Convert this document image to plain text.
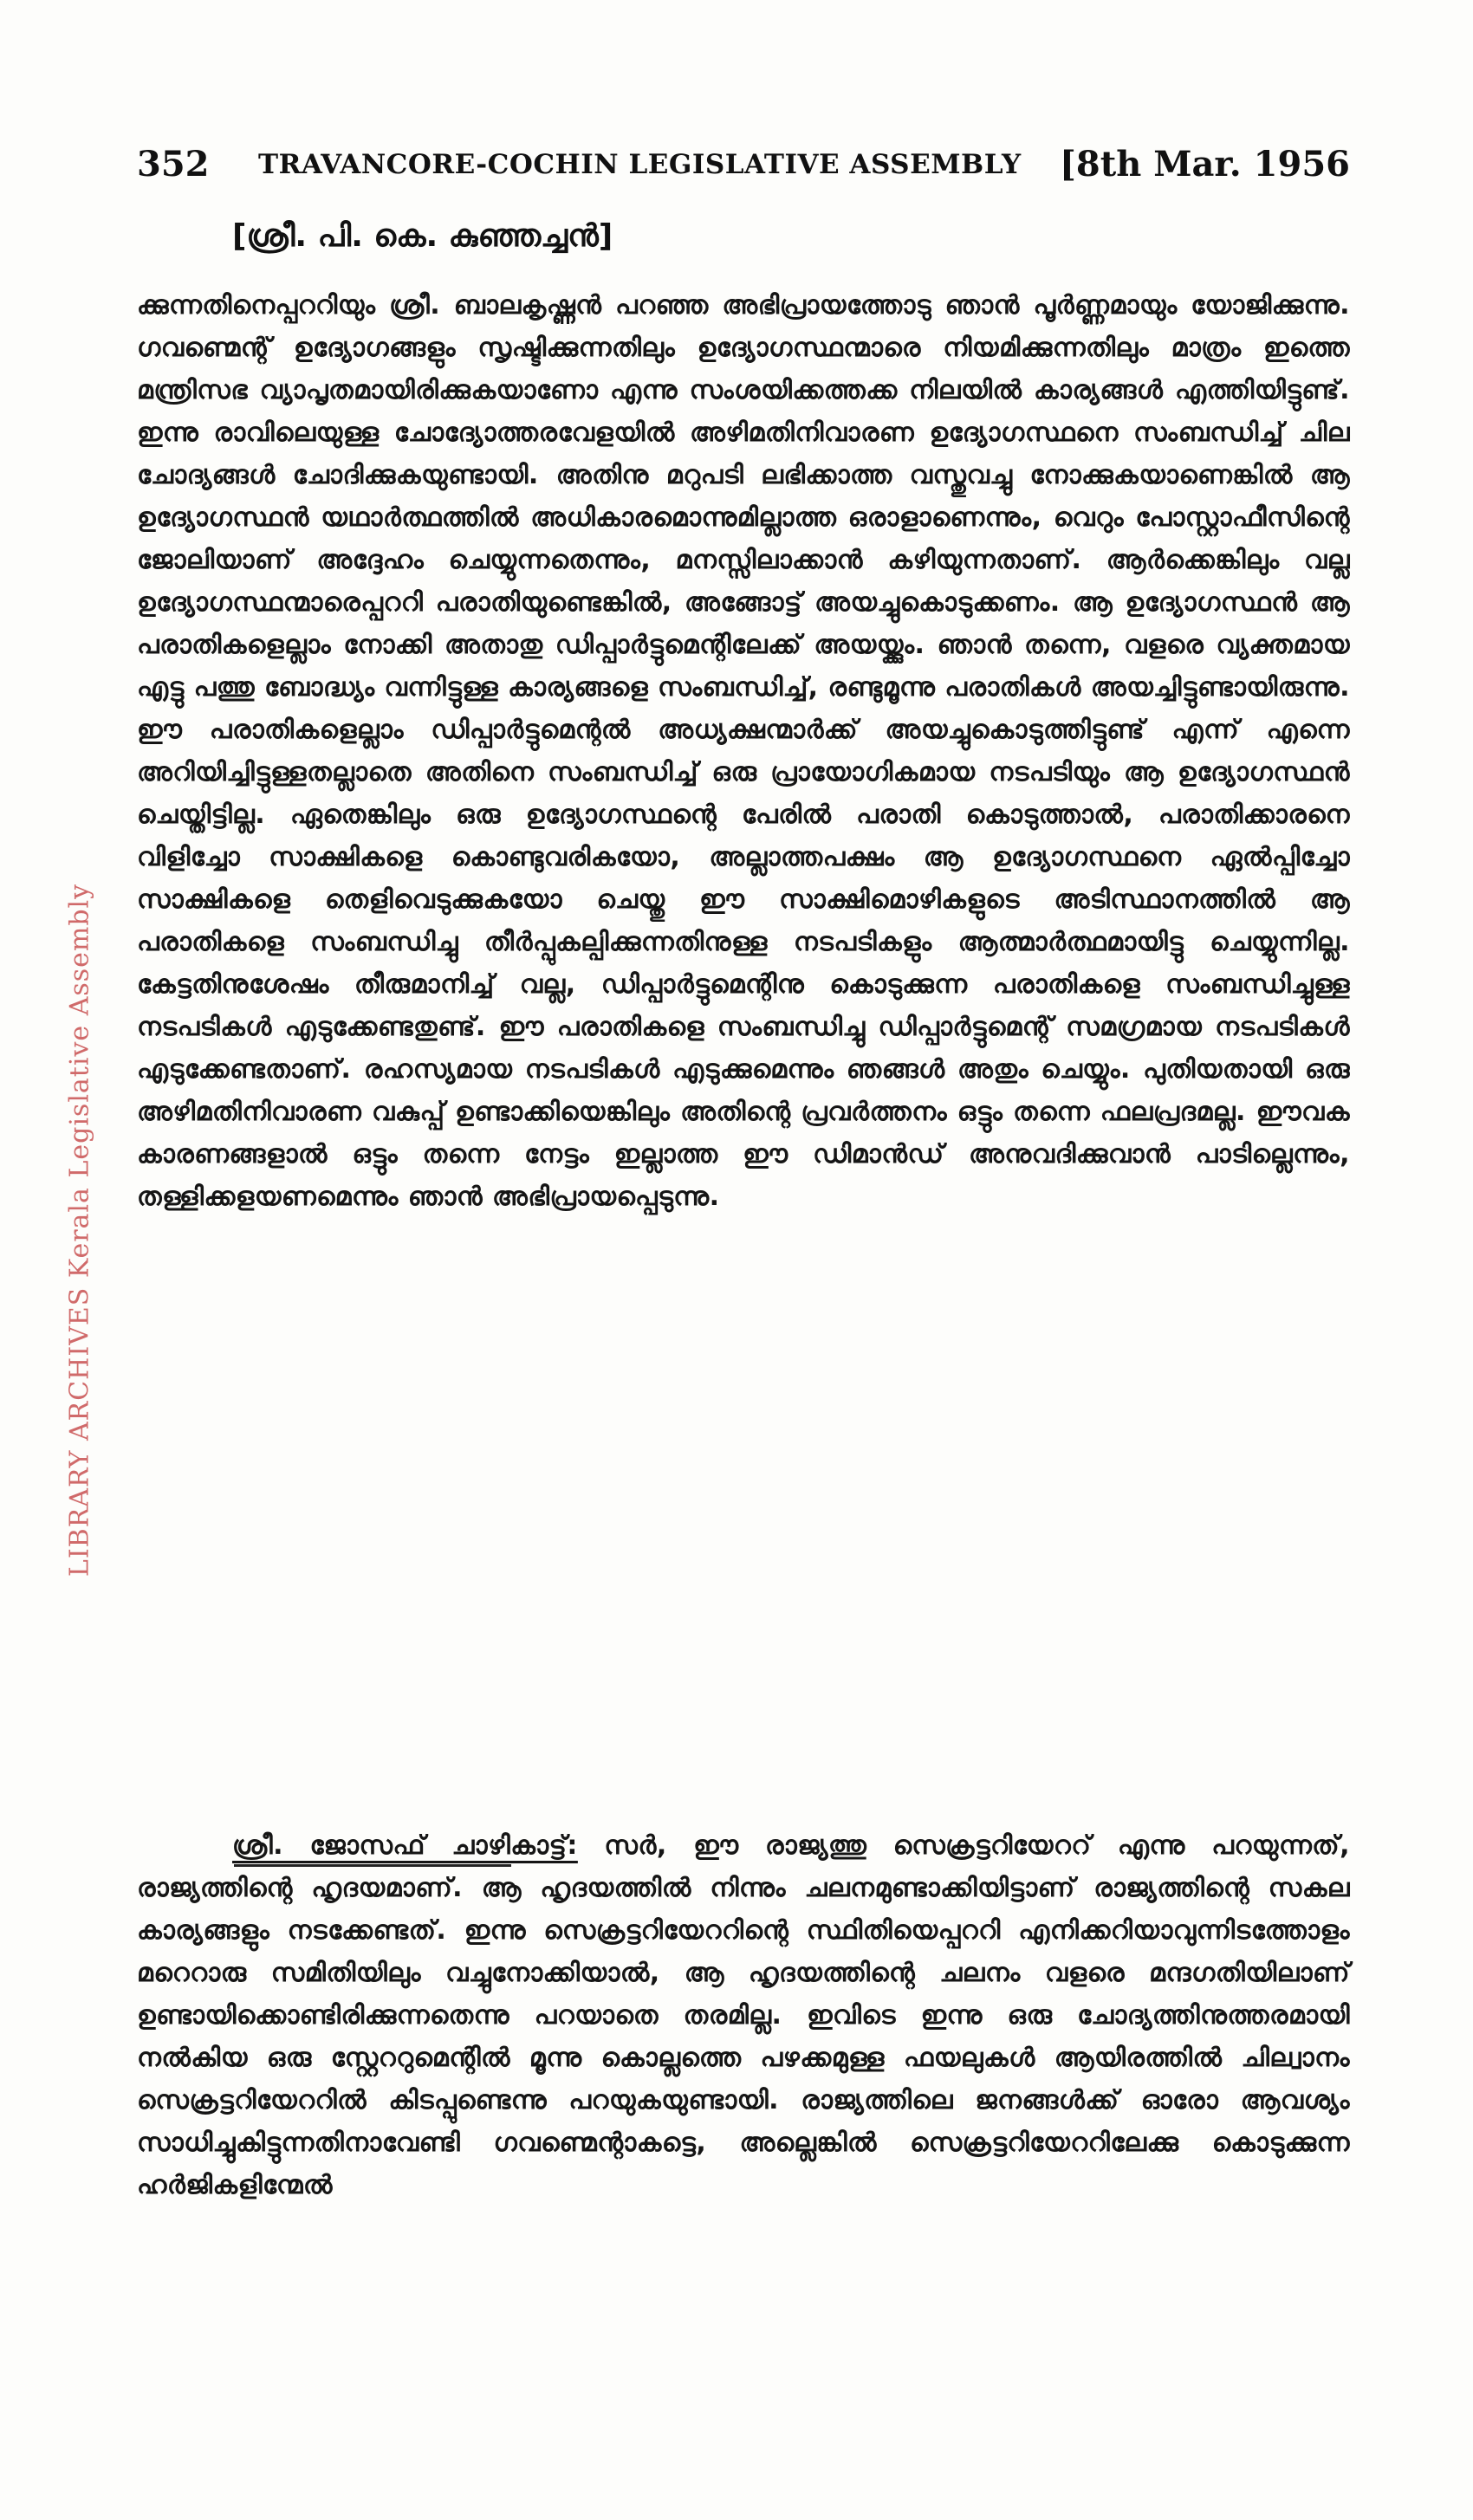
LIBRARY ARCHIVES Kerala Legislative Assembly
352 TRAVANCORE-COCHIN LEGISLATIVE ASSEMBLY [8th Mar. 1956
[ശ്രീ. പി. കെ. കുഞ്ഞച്ചൻ]
ക്കുന്നതിനെപ്പററിയും ശ്രീ. ബാലകൃഷ്ണൻ പറഞ്ഞ അഭിപ്രായത്തോടു ഞാൻ പൂർണ്ണമായും യോജിക്കുന്നു. ഗവണ്മെന്റ് ഉദ്യോഗങ്ങളും സൃഷ്ടിക്കുന്നതിലും ഉദ്യോഗസ്ഥന്മാരെ നിയമിക്കുന്നതിലും മാത്രം ഇത്തെ മന്ത്രിസഭ വ്യാപൃതമായിരിക്കുകയാണോ എന്നു സംശയിക്കത്തക്ക നിലയിൽ കാര്യങ്ങൾ എത്തിയിട്ടുണ്ട്. ഇന്നു രാവിലെയുള്ള ചോദ്യോത്തരവേളയിൽ അഴിമതിനിവാരണ ഉദ്യോഗസ്ഥനെ സംബന്ധിച്ച് ചില ചോദ്യങ്ങൾ ചോദിക്കുകയുണ്ടായി. അതിനു മറുപടി ലഭിക്കാത്ത വസ്തുവച്ചു നോക്കുകയാണെങ്കിൽ ആ ഉദ്യോഗസ്ഥൻ യഥാർത്ഥത്തിൽ അധികാരമൊന്നുമില്ലാത്ത ഒരാളാണെന്നും, വെറും പോസ്റ്റാഫീസിന്റെ ജോലിയാണ് അദ്ദേഹം ചെയ്യുന്നതെന്നും, മനസ്സിലാക്കാൻ കഴിയുന്നതാണ്. ആർക്കെങ്കിലും വല്ല ഉദ്യോഗസ്ഥന്മാരെപ്പററി പരാതിയുണ്ടെങ്കിൽ, അങ്ങോട്ട് അയച്ചുകൊടുക്കണം. ആ ഉദ്യോഗസ്ഥൻ ആ പരാതികളെല്ലാം നോക്കി അതാതു ഡിപ്പാർട്ടുമെന്റിലേക്ക് അയയ്ക്കും. ഞാൻ തന്നെ, വളരെ വ്യക്തമായ എട്ടു പത്തു ബോദ്ധ്യം വന്നിട്ടുള്ള കാര്യങ്ങളെ സംബന്ധിച്ച്, രണ്ടുമൂന്നു പരാതികൾ അയച്ചിട്ടുണ്ടായിരുന്നു. ഈ പരാതികളെല്ലാം ഡിപ്പാർട്ടുമെന്റൽ അധ്യക്ഷന്മാർക്ക് അയച്ചുകൊടുത്തിട്ടുണ്ട് എന്ന് എന്നെ അറിയിച്ചിട്ടുള്ളതല്ലാതെ അതിനെ സംബന്ധിച്ച് ഒരു പ്രായോഗികമായ നടപടിയും ആ ഉദ്യോഗസ്ഥൻ ചെയ്തിട്ടില്ല. ഏതെങ്കിലും ഒരു ഉദ്യോഗസ്ഥന്റെ പേരിൽ പരാതി കൊടുത്താൽ, പരാതിക്കാരനെ വിളിച്ചോ സാക്ഷികളെ കൊണ്ടുവരികയോ, അല്ലാത്തപക്ഷം ആ ഉദ്യോഗസ്ഥനെ ഏൽപ്പിച്ചോ സാക്ഷികളെ തെളിവെടുക്കുകയോ ചെയ്തു ഈ സാക്ഷിമൊഴികളുടെ അടിസ്ഥാനത്തിൽ ആ പരാതികളെ സംബന്ധിച്ചു തീർപ്പുകല്പിക്കുന്നതിനുള്ള നടപടികളും ആത്മാർത്ഥമായിട്ടു ചെയ്യുന്നില്ല. കേട്ടതിനുശേഷം തീരുമാനിച്ച് വല്ല, ഡിപ്പാർട്ടുമെന്റിനു കൊടുക്കുന്ന പരാതികളെ സംബന്ധിച്ചുള്ള നടപടികൾ എടുക്കേണ്ടതുണ്ട്. ഈ പരാതികളെ സംബന്ധിച്ചു ഡിപ്പാർട്ടുമെന്റ് സമഗ്രമായ നടപടികൾ എടുക്കേണ്ടതാണ്. രഹസ്യമായ നടപടികൾ എടുക്കുമെന്നും ഞങ്ങൾ അതും ചെയ്യും. പുതിയതായി ഒരു അഴിമതിനിവാരണ വകുപ്പ് ഉണ്ടാക്കിയെങ്കിലും അതിന്റെ പ്രവർത്തനം ഒട്ടും തന്നെ ഫലപ്രദമല്ല. ഈവക കാരണങ്ങളാൽ ഒട്ടും തന്നെ നേട്ടം ഇല്ലാത്ത ഈ ഡിമാൻഡ് അനുവദിക്കുവാൻ പാടില്ലെന്നും, തള്ളിക്കളയണമെന്നും ഞാൻ അഭിപ്രായപ്പെടുന്നു.
ശ്രീ. ജോസഫ് ചാഴികാട്ട്: സർ, ഈ രാജ്യത്തു സെക്രട്ടറിയേററ് എന്നു പറയുന്നത്, രാജ്യത്തിന്റെ ഹൃദയമാണ്. ആ ഹൃദയത്തിൽ നിന്നും ചലനമുണ്ടാക്കിയിട്ടാണ് രാജ്യത്തിന്റെ സകല കാര്യങ്ങളും നടക്കേണ്ടത്. ഇന്നു സെക്രട്ടറിയേററിന്റെ സ്ഥിതിയെപ്പററി എനിക്കറിയാവുന്നിടത്തോളം മറെറാരു സമിതിയിലും വച്ചുനോക്കിയാൽ, ആ ഹൃദയത്തിന്റെ ചലനം വളരെ മന്ദഗതിയിലാണ് ഉണ്ടായിക്കൊണ്ടിരിക്കുന്നതെന്നു പറയാതെ തരമില്ല. ഇവിടെ ഇന്നു ഒരു ചോദ്യത്തിനുത്തരമായി നൽകിയ ഒരു സ്റ്റേററുമെന്റിൽ മൂന്നു കൊല്ലത്തെ പഴക്കമുള്ള ഫയലുകൾ ആയിരത്തിൽ ചില്വാനം സെക്രട്ടറിയേററിൽ കിടപ്പുണ്ടെന്നു പറയുകയുണ്ടായി. രാജ്യത്തിലെ ജനങ്ങൾക്ക് ഓരോ ആവശ്യം സാധിച്ചുകിട്ടുന്നതിനാവേണ്ടി ഗവണ്മെന്റാകട്ടെ, അല്ലെങ്കിൽ സെക്രട്ടറിയേററിലേക്കു കൊടുക്കുന്ന ഹർജികളിന്മേൽ
